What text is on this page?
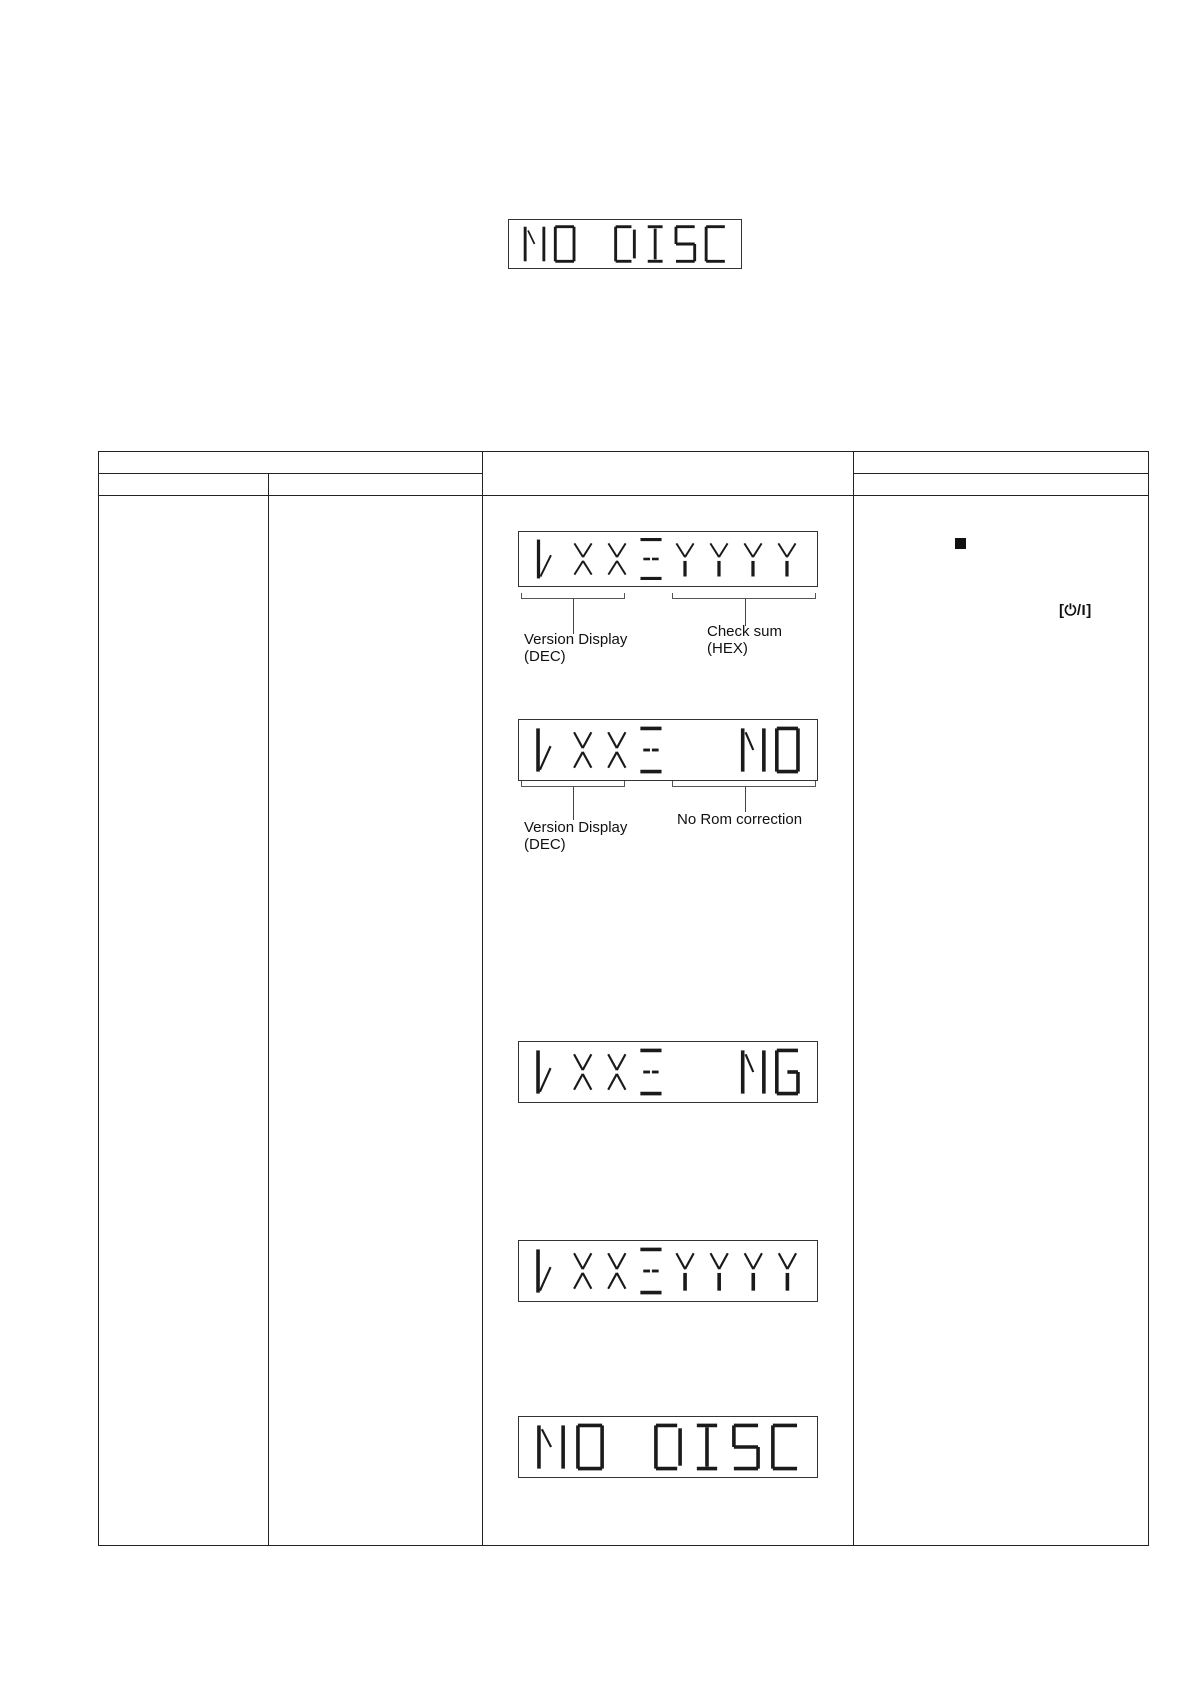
Version Display
(DEC)
Check sum
(HEX)
Version Display
(DEC)
No Rom correction
[⏻/I]
